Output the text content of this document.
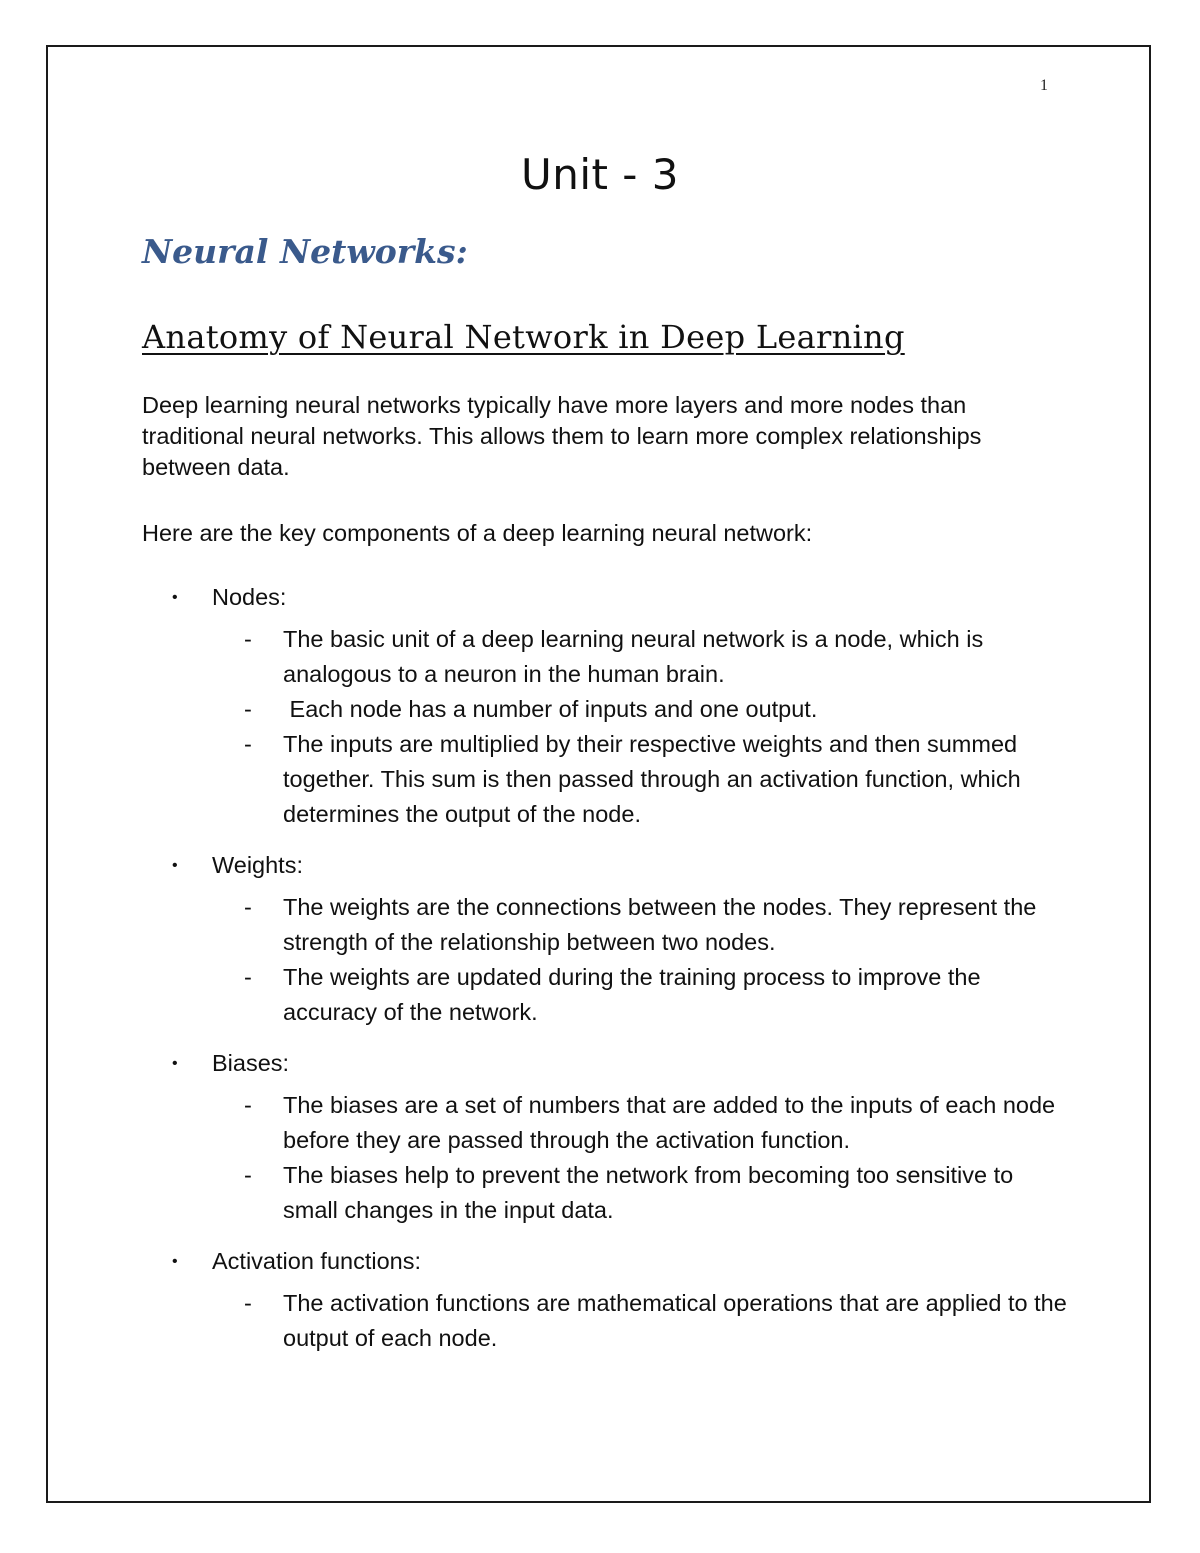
1
Unit - 3
Neural Networks:
Anatomy of Neural Network in Deep Learning
Deep learning neural networks typically have more layers and more nodes than traditional neural networks. This allows them to learn more complex relationships between data.
Here are the key components of a deep learning neural network:
•	Nodes:
-	The basic unit of a deep learning neural network is a node, which is analogous to a neuron in the human brain.
-	Each node has a number of inputs and one output.
-	The inputs are multiplied by their respective weights and then summed together. This sum is then passed through an activation function, which determines the output of the node.
•	Weights:
-	The weights are the connections between the nodes. They represent the strength of the relationship between two nodes.
-	The weights are updated during the training process to improve the accuracy of the network.
•	Biases:
-	The biases are a set of numbers that are added to the inputs of each node before they are passed through the activation function.
-	The biases help to prevent the network from becoming too sensitive to small changes in the input data.
•	Activation functions:
-	The activation functions are mathematical operations that are applied to the output of each node.
